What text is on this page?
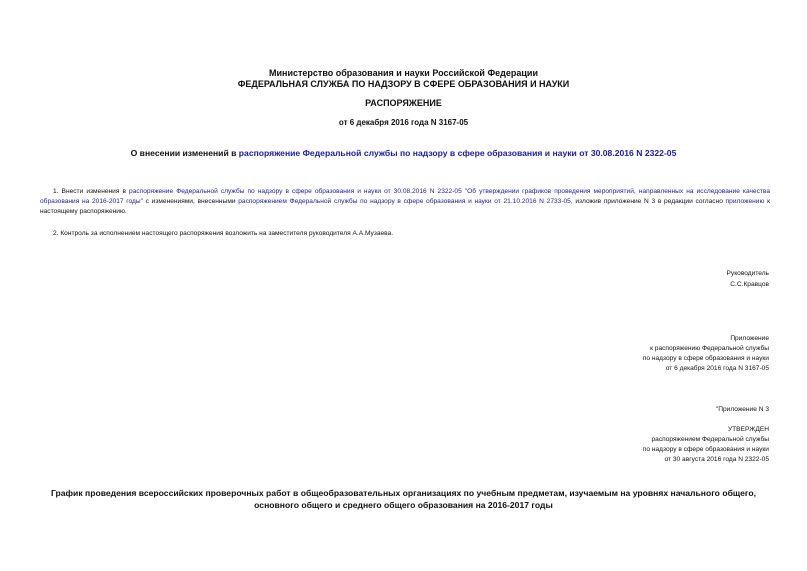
Министерство образования и науки Российской Федерации
ФЕДЕРАЛЬНАЯ СЛУЖБА ПО НАДЗОРУ В СФЕРЕ ОБРАЗОВАНИЯ И НАУКИ
РАСПОРЯЖЕНИЕ
от 6 декабря 2016 года N 3167-05
О внесении изменений в распоряжение Федеральной службы по надзору в сфере образования и науки от 30.08.2016 N 2322-05
1. Внести изменения в распоряжение Федеральной службы по надзору в сфере образования и науки от 30.08.2016 N 2322-05 "Об утверждении графиков проведения мероприятий, направленных на исследование качества образования на 2016-2017 годы" с изменениями, внесенными распоряжением Федеральной службы по надзору в сфере образования и науки от 21.10.2016 N 2733-05, изложив приложение N 3 в редакции согласно приложению к настоящему распоряжению.
2. Контроль за исполнением настоящего распоряжения возложить на заместителя руководителя А.А.Музаева.
Руководитель
С.С.Кравцов
Приложение
к распоряжению Федеральной службы
по надзору в сфере образования и науки
от 6 декабря 2016 года N 3167-05
"Приложение N 3
УТВЕРЖДЕН
распоряжением Федеральной службы
по надзору в сфере образования и науки
от 30 августа 2016 года N 2322-05
График проведения всероссийских проверочных работ в общеобразовательных организациях по учебным предметам, изучаемым на уровнях начального общего,
основного общего и среднего общего образования на 2016-2017 годы
